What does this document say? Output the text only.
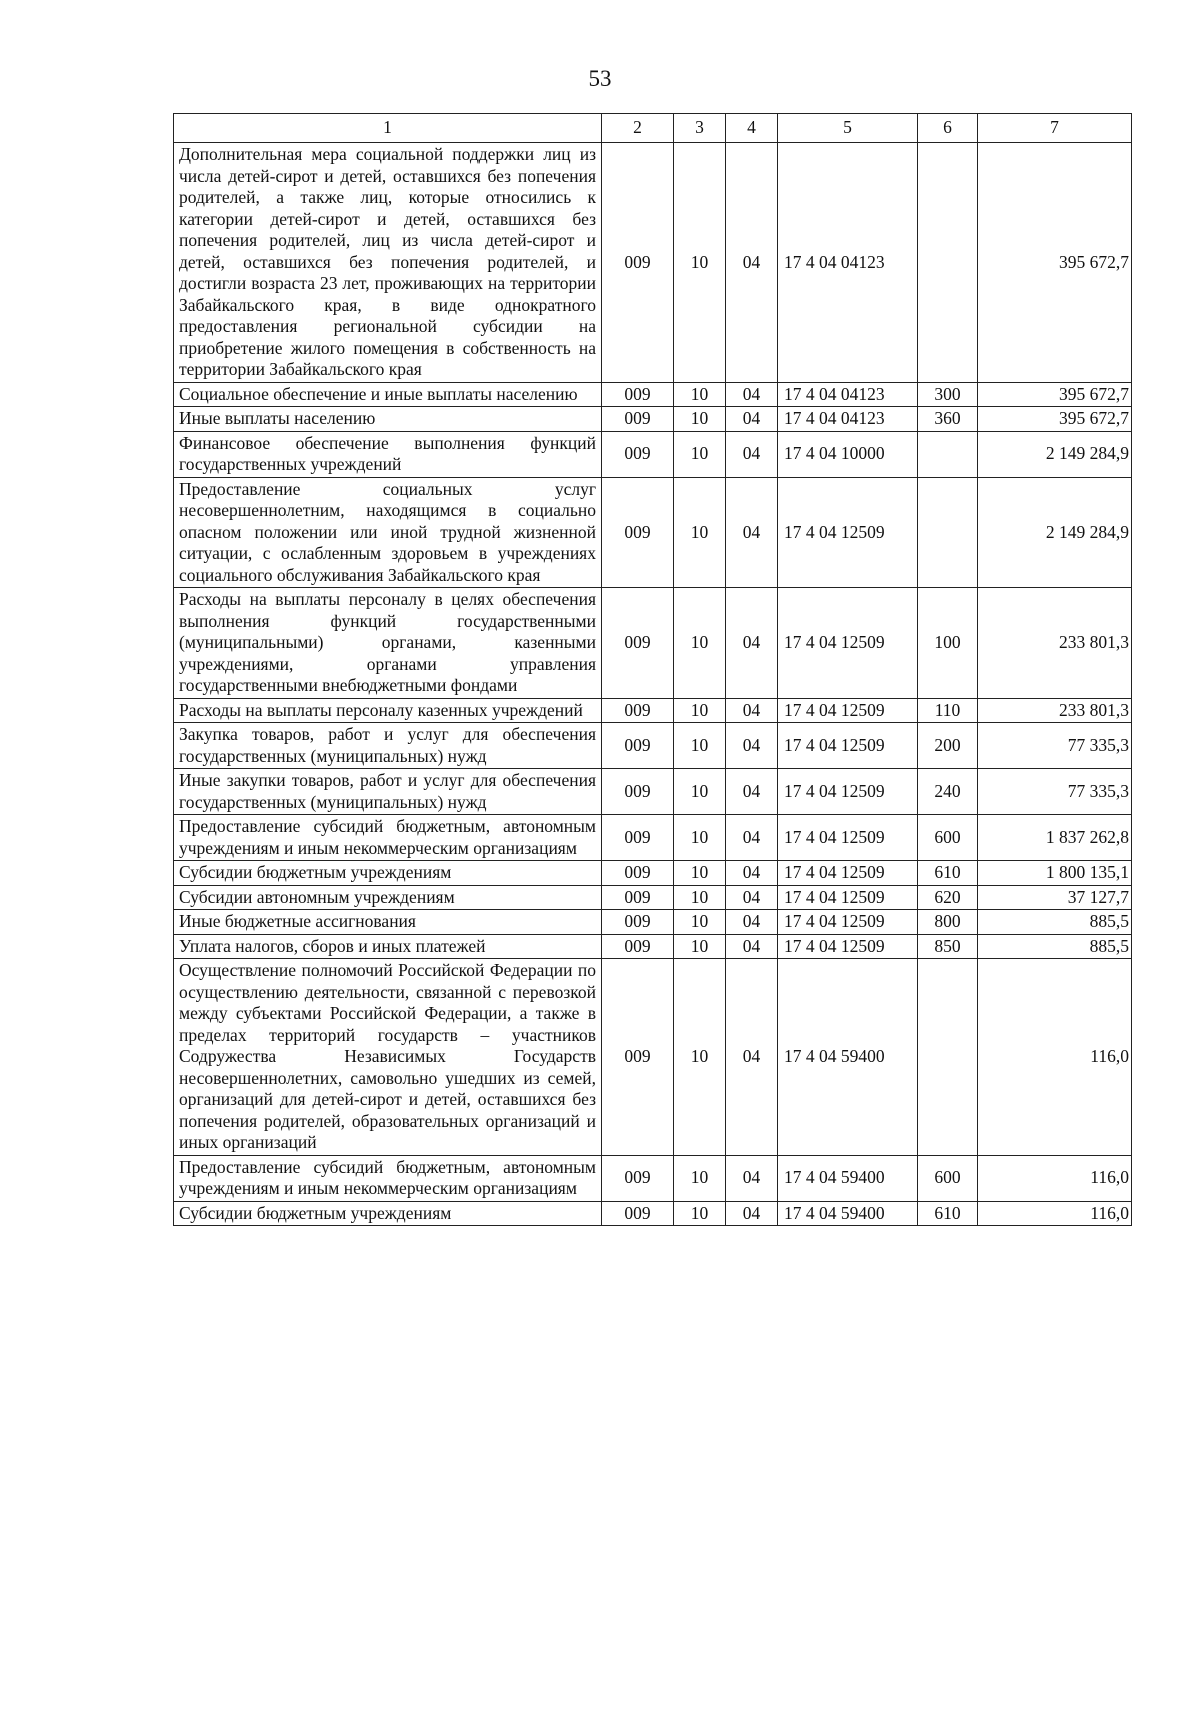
53
1	2	3	4	5	6	7
Дополнительная мера социальной поддержки лиц из числа детей-сирот и детей, оставшихся без попечения родителей, а также лиц, которые относились к категории детей-сирот и детей, оставшихся без попечения родителей, лиц из числа детей-сирот и детей, оставшихся без попечения родителей, и достигли возраста 23 лет, проживающих на территории Забайкальского края, в виде однократного предоставления региональной субсидии на приобретение жилого помещения в собственность на территории Забайкальского края	009	10	04	17 4 04 04123		395 672,7
Социальное обеспечение и иные выплаты населению	009	10	04	17 4 04 04123	300	395 672,7
Иные выплаты населению	009	10	04	17 4 04 04123	360	395 672,7
Финансовое обеспечение выполнения функций государственных учреждений	009	10	04	17 4 04 10000		2 149 284,9
Предоставление социальных услуг несовершеннолетним, находящимся в социально опасном положении или иной трудной жизненной ситуации, с ослабленным здоровьем в учреждениях социального обслуживания Забайкальского края	009	10	04	17 4 04 12509		2 149 284,9
Расходы на выплаты персоналу в целях обеспечения выполнения функций государственными (муниципальными) органами, казенными учреждениями, органами управления государственными внебюджетными фондами	009	10	04	17 4 04 12509	100	233 801,3
Расходы на выплаты персоналу казенных учреждений	009	10	04	17 4 04 12509	110	233 801,3
Закупка товаров, работ и услуг для обеспечения государственных (муниципальных) нужд	009	10	04	17 4 04 12509	200	77 335,3
Иные закупки товаров, работ и услуг для обеспечения государственных (муниципальных) нужд	009	10	04	17 4 04 12509	240	77 335,3
Предоставление субсидий бюджетным, автономным учреждениям и иным некоммерческим организациям	009	10	04	17 4 04 12509	600	1 837 262,8
Субсидии бюджетным учреждениям	009	10	04	17 4 04 12509	610	1 800 135,1
Субсидии автономным учреждениям	009	10	04	17 4 04 12509	620	37 127,7
Иные бюджетные ассигнования	009	10	04	17 4 04 12509	800	885,5
Уплата налогов, сборов и иных платежей	009	10	04	17 4 04 12509	850	885,5
Осуществление полномочий Российской Федерации по осуществлению деятельности, связанной с перевозкой между субъектами Российской Федерации, а также в пределах территорий государств – участников Содружества Независимых Государств несовершеннолетних, самовольно ушедших из семей, организаций для детей-сирот и детей, оставшихся без попечения родителей, образовательных организаций и иных организаций	009	10	04	17 4 04 59400		116,0
Предоставление субсидий бюджетным, автономным учреждениям и иным некоммерческим организациям	009	10	04	17 4 04 59400	600	116,0
Субсидии бюджетным учреждениям	009	10	04	17 4 04 59400	610	116,0
